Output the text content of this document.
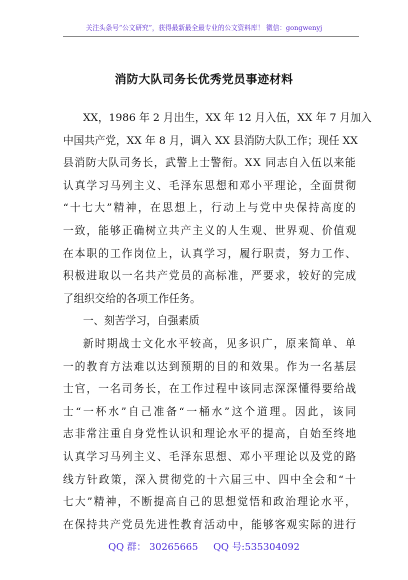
关注头条号“公文研究”，获得最新最全最专业的公文资料库！ 微信：gongwenyj
消防大队司务长优秀党员事迹材料
X X ， 1 9 8 6
年
2
月 出 生 ， X X
年
1 2
月 入 伍 ， X X
年
7
月 加 入
中 国 共 产 党 ， X X
年
8
月 ， 调 入
X X
县 消 防 大 队 工 作 ； 现 任
X X
县 消 防 大 队 司 务 长 ， 武 警 上 士 警 衔 。 X X
同 志 自 入 伍 以 来 能
认 真 学 习 马 列 主 义 、 毛 泽 东 思 想 和 邓 小 平 理 论 ， 全 面 贯 彻
“ 十 七 大 ” 精 神 ， 在 思 想 上 ， 行 动 上 与 党 中 央 保 持 高 度 的
一 致 ， 能 够 正 确 树 立 共 产 主 义 的 人 生 观 、 世 界 观 、 价 值 观
在 本 职 的 工 作 岗 位 上 ， 认 真 学 习 ， 履 行 职 责 ， 努 力 工 作 、
积 极 进 取 以 一 名 共 产 党 员 的 高 标 准 ， 严 要 求 ， 较 好 的 完 成
了组织交给的各项工作任务。
一、刻苦学习，自强素质
新 时 期 战 士 文 化 水 平 较 高 ， 见 多 识 广 ， 原 来 简 单 、 单
一 的 教 育 方 法 难 以 达 到 预 期 的 目 的 和 效 果 。 作 为 一 名 基 层
士 官 ， 一 名 司 务 长 ， 在 工 作 过 程 中 该 同 志 深 深 懂 得 要 给 战
士 “ 一 杯 水 ” 自 己 准 备 “ 一 桶 水 ” 这 个 道 理 。 因 此 ， 该 同
志 非 常 注 重 自 身 党 性 认 识 和 理 论 水 平 的 提 高 ， 自 始 至 终 地
认 真 学 习 马 列 主 义 、 毛 泽 东 思 想 、 邓 小 平 理 论 以 及 党 的 路
线 方 针 政 策 ， 深 入 贯 彻 党 的 十 六 届 三 中 、 四 中 全 会 和 “ 十
七 大 ” 精 神 ， 不 断 提 高 自 己 的 思 想 觉 悟 和 政 治 理 论 水 平 ，
在 保 持 共 产 党 员 先 进 性 教 育 活 动 中 ， 能 够 客 观 实 际 的 进 行
QQ 群： 30265665 QQ 号:535304092
